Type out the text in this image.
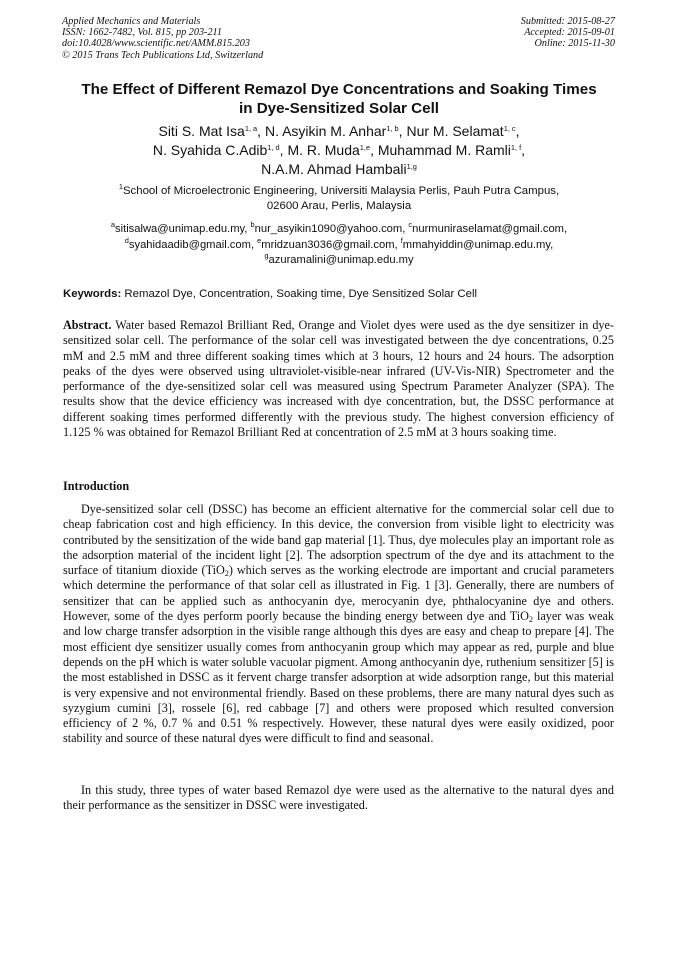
Applied Mechanics and Materials
ISSN: 1662-7482, Vol. 815, pp 203-211
doi:10.4028/www.scientific.net/AMM.815.203
© 2015 Trans Tech Publications Ltd, Switzerland
Submitted: 2015-08-27
Accepted: 2015-09-01
Online: 2015-11-30
The Effect of Different Remazol Dye Concentrations and Soaking Times
in Dye-Sensitized Solar Cell
Siti S. Mat Isa$^{1, a}$, N. Asyikin M. Anhar$^{1, b}$, Nur M. Selamat$^{1, c}$,
N. Syahida C.Adib$^{1, d}$, M. R. Muda$^{1,e}$, Muhammad M. Ramli$^{1, f}$,
N.A.M. Ahmad Hambali$^{1,g}$
$^1$School of Microelectronic Engineering, Universiti Malaysia Perlis, Pauh Putra Campus,
02600 Arau, Perlis, Malaysia
$^a$sitisalwa@unimap.edu.my, $^b$nur_asyikin1090@yahoo.com, $^c$nurmuniraselamat@gmail.com,
$^d$syahidaadib@gmail.com, $^e$mridzuan3036@gmail.com, $^f$mmahyiddin@unimap.edu.my,
$^g$azuramalini@unimap.edu.my
Keywords: Remazol Dye, Concentration, Soaking time, Dye Sensitized Solar Cell
Abstract. Water based Remazol Brilliant Red, Orange and Violet dyes were used as the dye sensitizer in dye-sensitized solar cell. The performance of the solar cell was investigated between the dye concentrations, 0.25 mM and 2.5 mM and three different soaking times which at 3 hours, 12 hours and 24 hours. The adsorption peaks of the dyes were observed using ultraviolet-visible-near infrared (UV-Vis-NIR) Spectrometer and the performance of the dye-sensitized solar cell was measured using Spectrum Parameter Analyzer (SPA). The results show that the device efficiency was increased with dye concentration, but, the DSSC performance at different soaking times performed differently with the previous study. The highest conversion efficiency of 1.125 % was obtained for Remazol Brilliant Red at concentration of 2.5 mM at 3 hours soaking time.
Introduction
Dye-sensitized solar cell (DSSC) has become an efficient alternative for the commercial solar cell due to cheap fabrication cost and high efficiency. In this device, the conversion from visible light to electricity was contributed by the sensitization of the wide band gap material [1]. Thus, dye molecules play an important role as the adsorption material of the incident light [2]. The adsorption spectrum of the dye and its attachment to the surface of titanium dioxide (TiO$_2$) which serves as the working electrode are important and crucial parameters which determine the performance of that solar cell as illustrated in Fig. 1 [3]. Generally, there are numbers of sensitizer that can be applied such as anthocyanin dye, merocyanin dye, phthalocyanine dye and others. However, some of the dyes perform poorly because the binding energy between dye and TiO$_2$ layer was weak and low charge transfer adsorption in the visible range although this dyes are easy and cheap to prepare [4]. The most efficient dye sensitizer usually comes from anthocyanin group which may appear as red, purple and blue depends on the pH which is water soluble vacuolar pigment. Among anthocyanin dye, ruthenium sensitizer [5] is the most established in DSSC as it fervent charge transfer adsorption at wide adsorption range, but this material is very expensive and not environmental friendly. Based on these problems, there are many natural dyes such as syzygium cumini [3], rossele [6], red cabbage [7] and others were proposed which resulted conversion efficiency of 2 %, 0.7 % and 0.51 % respectively. However, these natural dyes were easily oxidized, poor stability and source of these natural dyes were difficult to find and seasonal.
In this study, three types of water based Remazol dye were used as the alternative to the natural dyes and their performance as the sensitizer in DSSC were investigated.
